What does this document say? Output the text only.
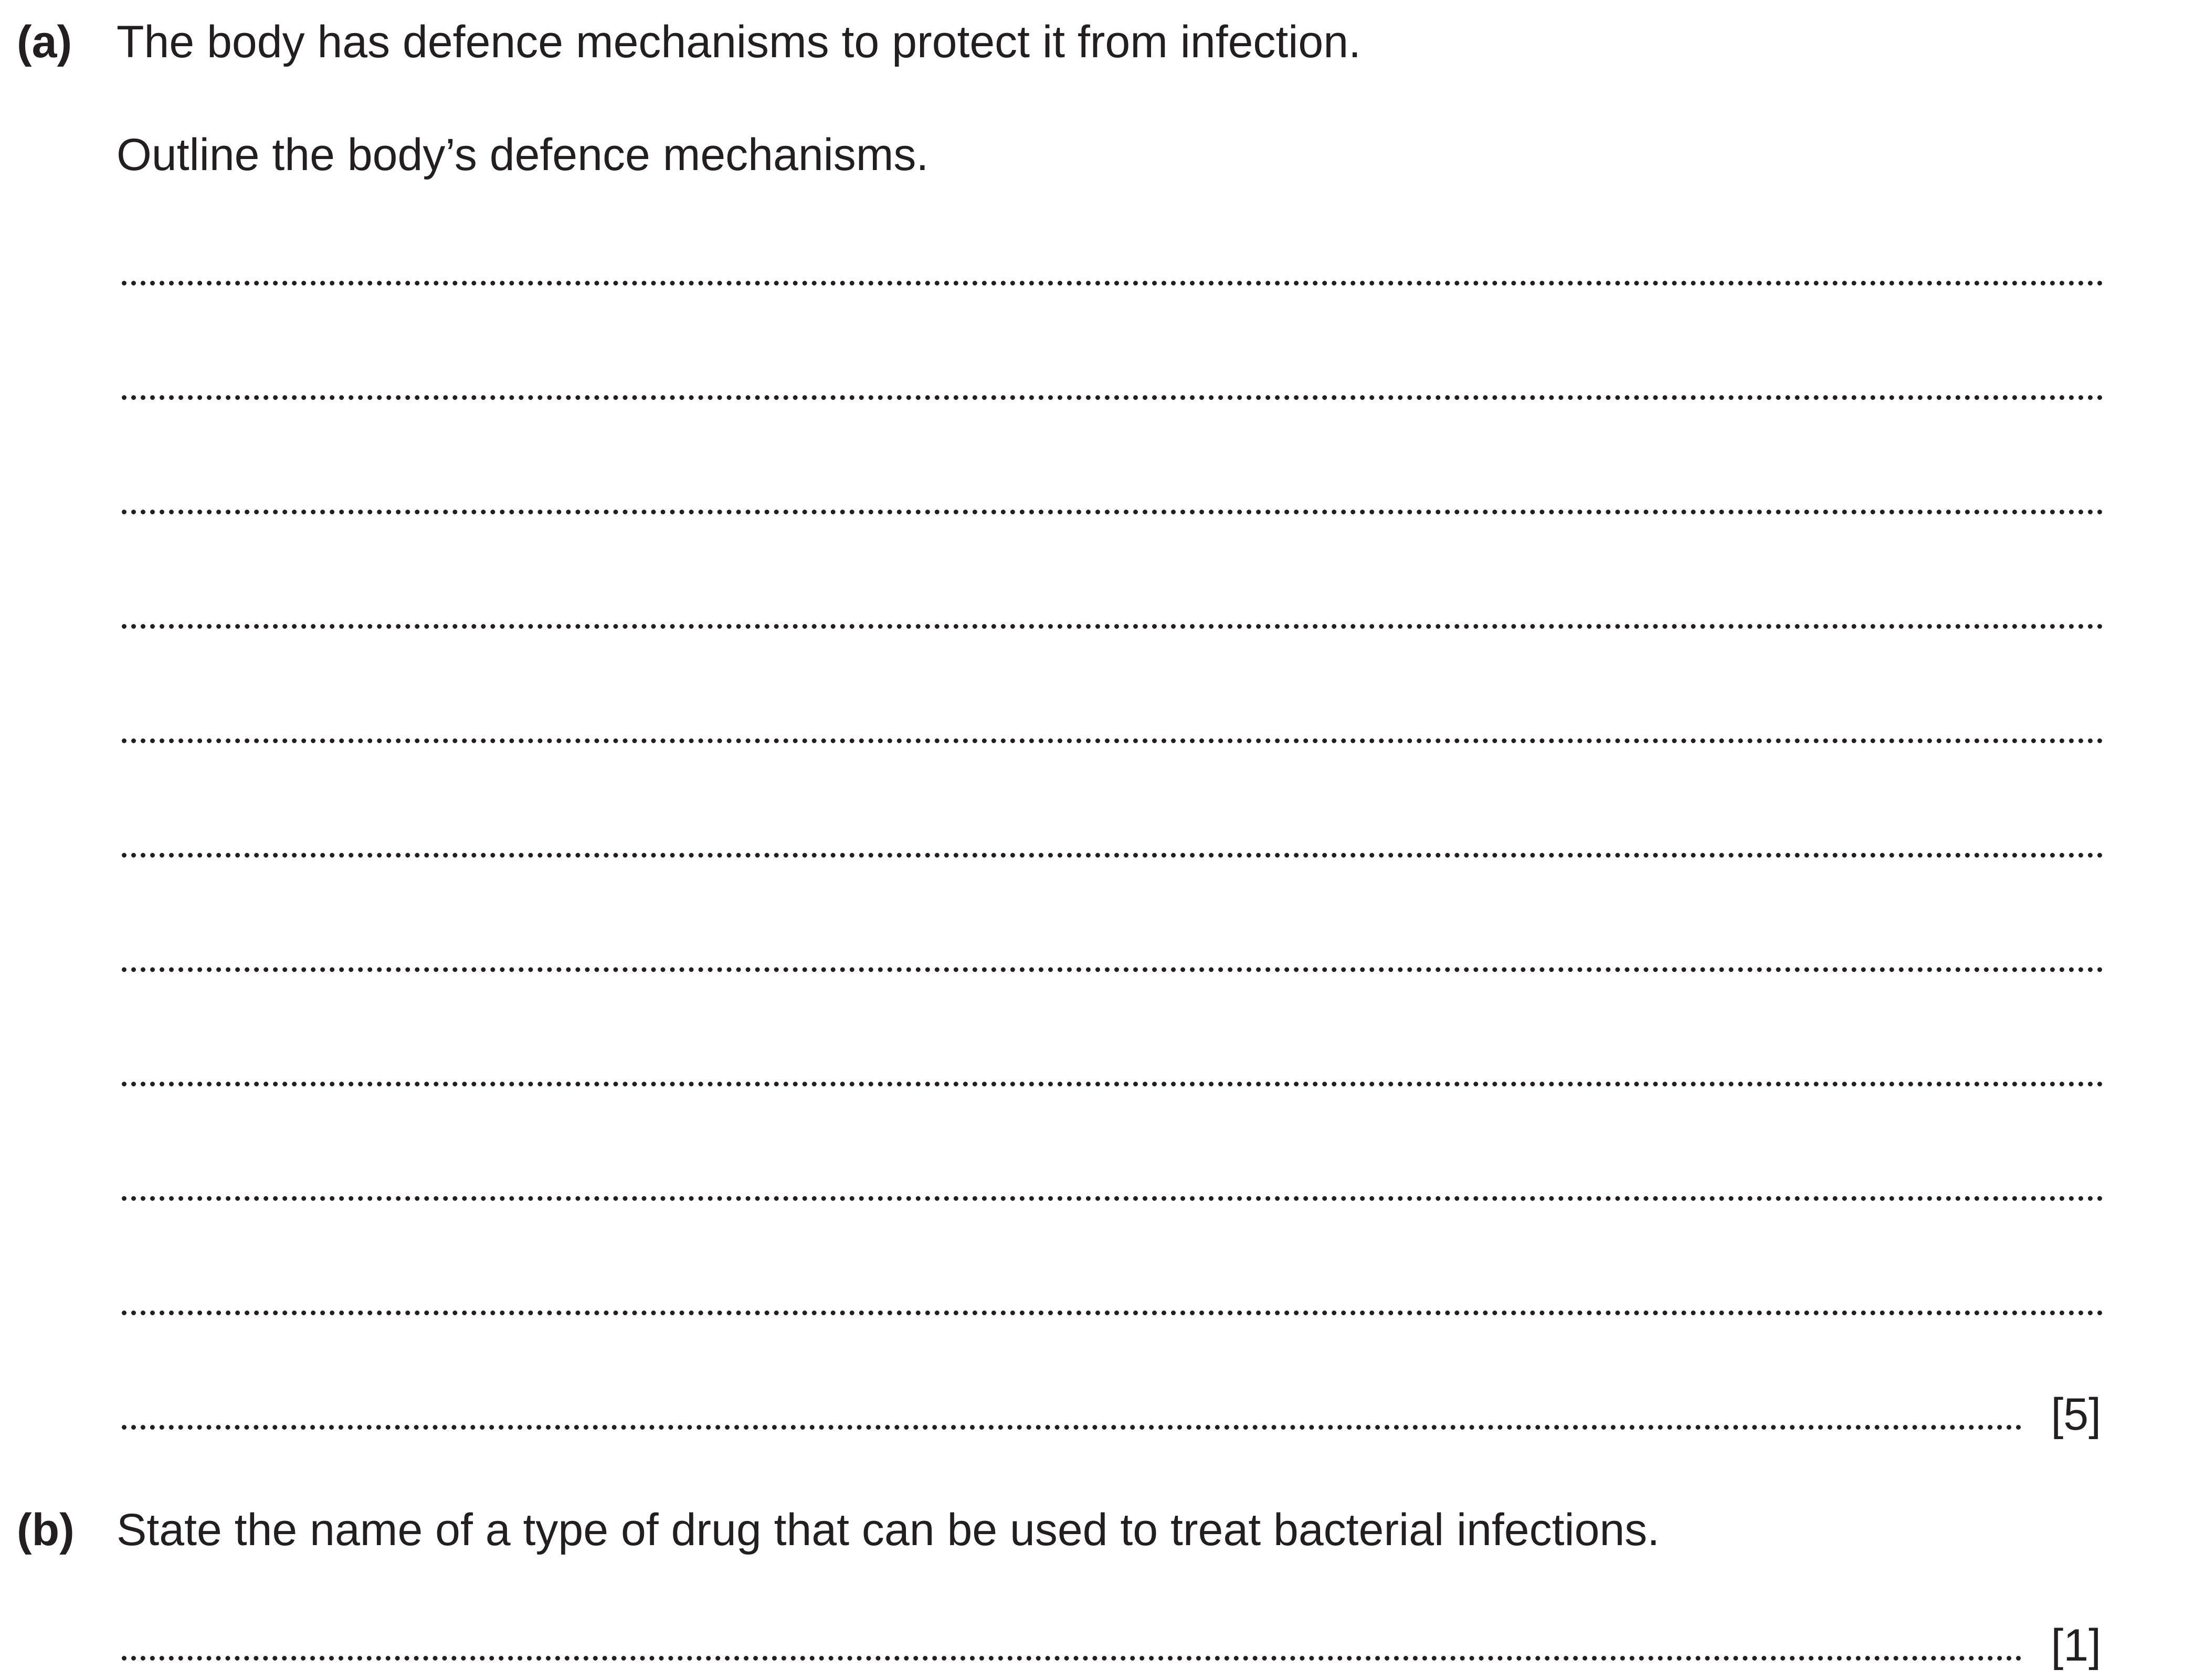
(a) The body has defence mechanisms to protect it from infection.
Outline the body’s defence mechanisms.
[5]
(b) State the name of a type of drug that can be used to treat bacterial infections.
[1]
